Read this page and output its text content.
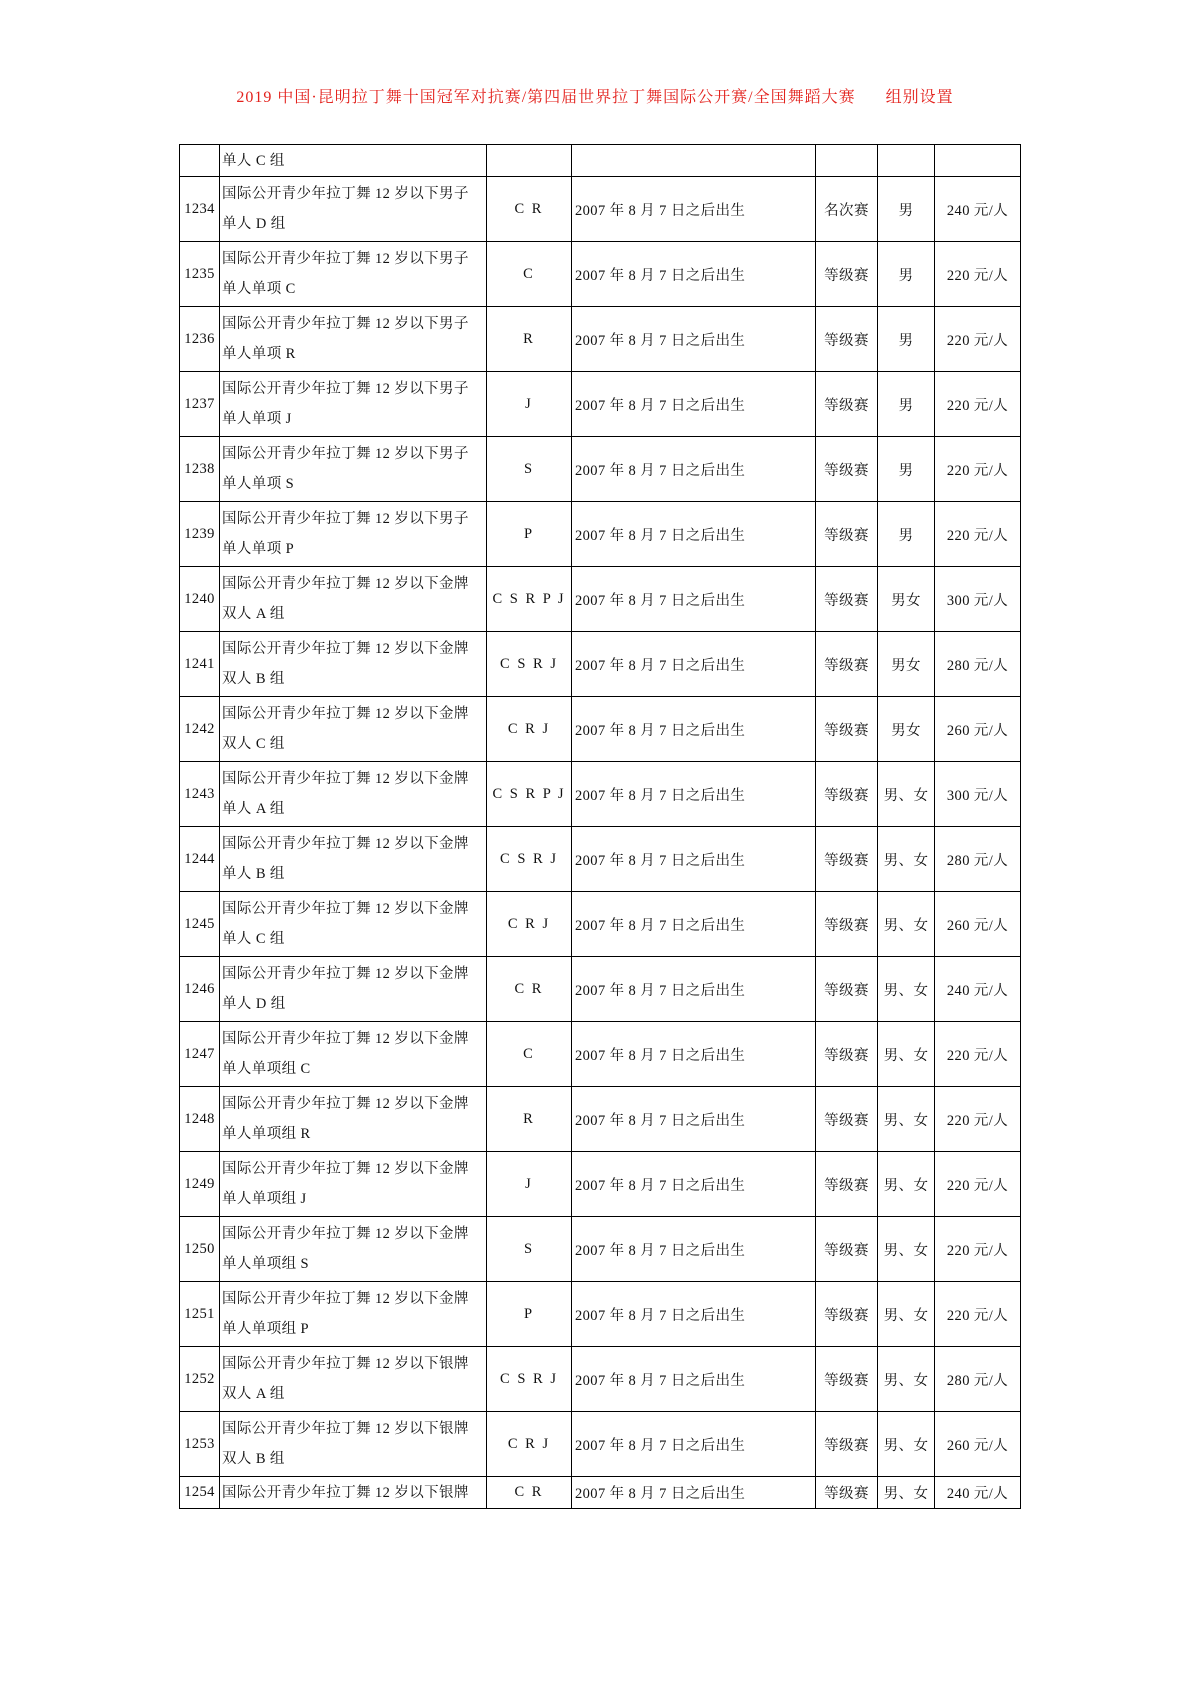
2019 中国·昆明拉丁舞十国冠军对抗赛/第四届世界拉丁舞国际公开赛/全国舞蹈大赛 组别设置

	单人 C 组					

1234	国际公开青少年拉丁舞 12 岁以下男子
单人 D 组	C R	2007 年 8 月 7 日之后出生	名次赛	男	240 元/人
1235	国际公开青少年拉丁舞 12 岁以下男子
单人单项 C	C	2007 年 8 月 7 日之后出生	等级赛	男	220 元/人
1236	国际公开青少年拉丁舞 12 岁以下男子
单人单项 R	R	2007 年 8 月 7 日之后出生	等级赛	男	220 元/人
1237	国际公开青少年拉丁舞 12 岁以下男子
单人单项 J	J	2007 年 8 月 7 日之后出生	等级赛	男	220 元/人
1238	国际公开青少年拉丁舞 12 岁以下男子
单人单项 S	S	2007 年 8 月 7 日之后出生	等级赛	男	220 元/人
1239	国际公开青少年拉丁舞 12 岁以下男子
单人单项 P	P	2007 年 8 月 7 日之后出生	等级赛	男	220 元/人
1240	国际公开青少年拉丁舞 12 岁以下金牌
双人 A 组	C S R P J	2007 年 8 月 7 日之后出生	等级赛	男女	300 元/人
1241	国际公开青少年拉丁舞 12 岁以下金牌
双人 B 组	C S R J	2007 年 8 月 7 日之后出生	等级赛	男女	280 元/人
1242	国际公开青少年拉丁舞 12 岁以下金牌
双人 C 组	C R J	2007 年 8 月 7 日之后出生	等级赛	男女	260 元/人
1243	国际公开青少年拉丁舞 12 岁以下金牌
单人 A 组	C S R P J	2007 年 8 月 7 日之后出生	等级赛	男、女	300 元/人
1244	国际公开青少年拉丁舞 12 岁以下金牌
单人 B 组	C S R J	2007 年 8 月 7 日之后出生	等级赛	男、女	280 元/人
1245	国际公开青少年拉丁舞 12 岁以下金牌
单人 C 组	C R J	2007 年 8 月 7 日之后出生	等级赛	男、女	260 元/人
1246	国际公开青少年拉丁舞 12 岁以下金牌
单人 D 组	C R	2007 年 8 月 7 日之后出生	等级赛	男、女	240 元/人
1247	国际公开青少年拉丁舞 12 岁以下金牌
单人单项组 C	C	2007 年 8 月 7 日之后出生	等级赛	男、女	220 元/人
1248	国际公开青少年拉丁舞 12 岁以下金牌
单人单项组 R	R	2007 年 8 月 7 日之后出生	等级赛	男、女	220 元/人
1249	国际公开青少年拉丁舞 12 岁以下金牌
单人单项组 J	J	2007 年 8 月 7 日之后出生	等级赛	男、女	220 元/人
1250	国际公开青少年拉丁舞 12 岁以下金牌
单人单项组 S	S	2007 年 8 月 7 日之后出生	等级赛	男、女	220 元/人
1251	国际公开青少年拉丁舞 12 岁以下金牌
单人单项组 P	P	2007 年 8 月 7 日之后出生	等级赛	男、女	220 元/人
1252	国际公开青少年拉丁舞 12 岁以下银牌
双人 A 组	C S R J	2007 年 8 月 7 日之后出生	等级赛	男、女	280 元/人
1253	国际公开青少年拉丁舞 12 岁以下银牌
双人 B 组	C R J	2007 年 8 月 7 日之后出生	等级赛	男、女	260 元/人
1254	国际公开青少年拉丁舞 12 岁以下银牌	C R	2007 年 8 月 7 日之后出生	等级赛	男、女	240 元/人
